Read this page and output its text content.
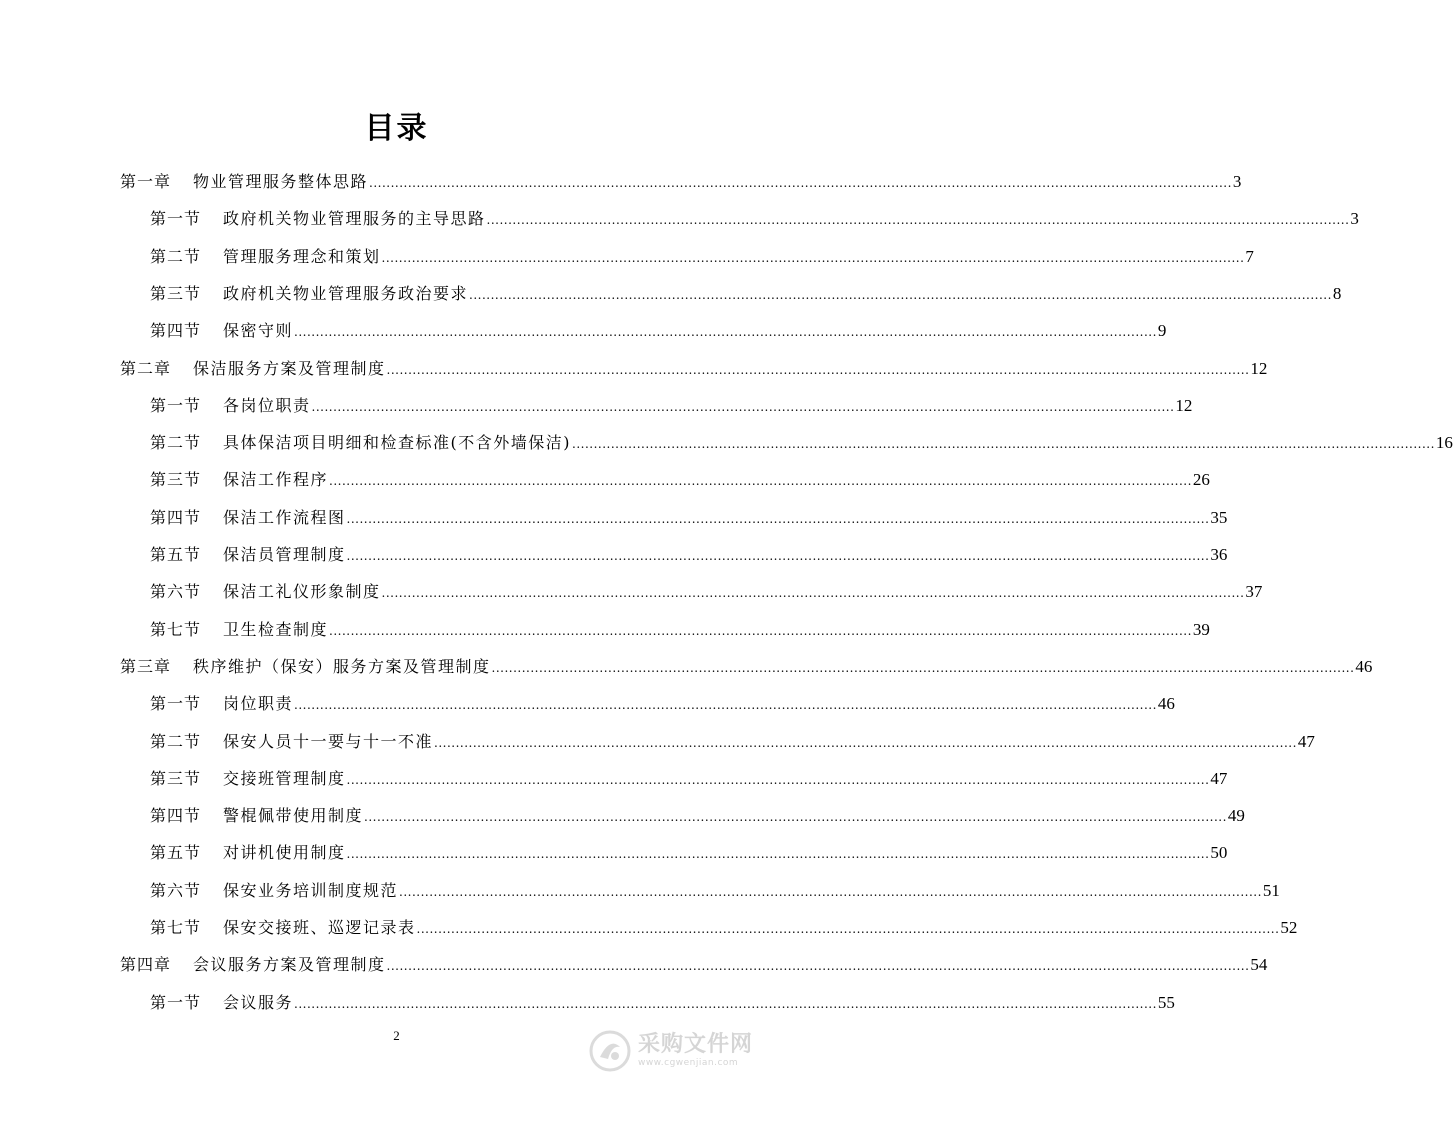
目录
第一章 物业管理服务整体思路 ........................................................................................................................................................................................................ 3
第一节 政府机关物业管理服务的主导思路 ........................................................................................................................................................................................................ 3
第二节 管理服务理念和策划 ........................................................................................................................................................................................................ 7
第三节 政府机关物业管理服务政治要求 ........................................................................................................................................................................................................ 8
第四节 保密守则 ........................................................................................................................................................................................................ 9
第二章 保洁服务方案及管理制度 ........................................................................................................................................................................................................ 12
第一节 各岗位职责 ........................................................................................................................................................................................................ 12
第二节 具体保洁项目明细和检查标准(不含外墙保洁) ........................................................................................................................................................................................................ 16
第三节 保洁工作程序 ........................................................................................................................................................................................................ 26
第四节 保洁工作流程图 ........................................................................................................................................................................................................ 35
第五节 保洁员管理制度 ........................................................................................................................................................................................................ 36
第六节 保洁工礼仪形象制度 ........................................................................................................................................................................................................ 37
第七节 卫生检查制度 ........................................................................................................................................................................................................ 39
第三章 秩序维护（保安）服务方案及管理制度 ........................................................................................................................................................................................................ 46
第一节 岗位职责 ........................................................................................................................................................................................................ 46
第二节 保安人员十一要与十一不准 ........................................................................................................................................................................................................ 47
第三节 交接班管理制度 ........................................................................................................................................................................................................ 47
第四节 警棍佩带使用制度 ........................................................................................................................................................................................................ 49
第五节 对讲机使用制度 ........................................................................................................................................................................................................ 50
第六节 保安业务培训制度规范 ........................................................................................................................................................................................................ 51
第七节 保安交接班、巡逻记录表 ........................................................................................................................................................................................................ 52
第四章 会议服务方案及管理制度 ........................................................................................................................................................................................................ 54
第一节 会议服务 ........................................................................................................................................................................................................ 55
2	采购文件网
www.cgwenjian.com
